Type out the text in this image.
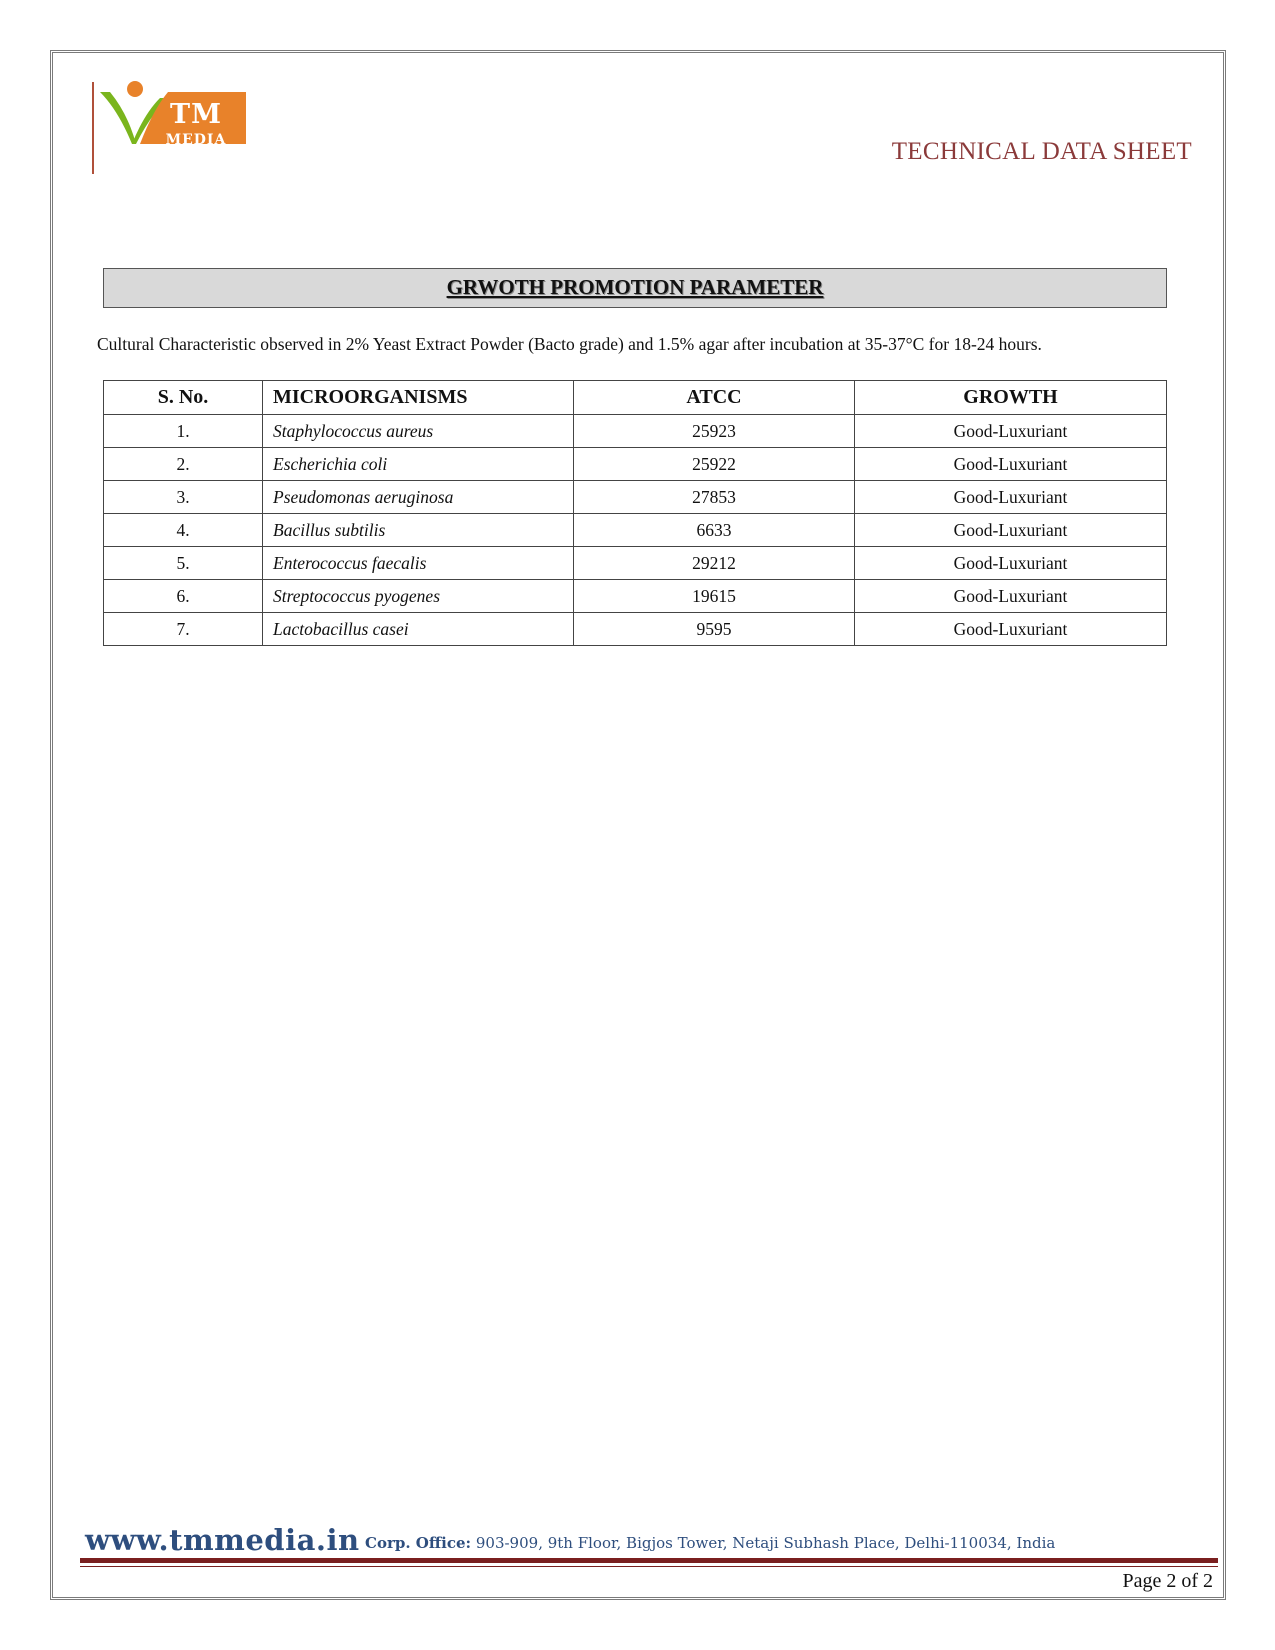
TM
MEDIA	TECHNICAL DATA SHEET
GRWOTH PROMOTION PARAMETER
Cultural Characteristic observed in 2% Yeast Extract Powder (Bacto grade) and 1.5% agar after incubation at 35-37°C for 18-24 hours.
S. No.	MICROORGANISMS	ATCC	GROWTH
1.	Staphylococcus aureus	25923	Good-Luxuriant
2.	Escherichia coli	25922	Good-Luxuriant
3.	Pseudomonas aeruginosa	27853	Good-Luxuriant
4.	Bacillus subtilis	6633	Good-Luxuriant
5.	Enterococcus faecalis	29212	Good-Luxuriant
6.	Streptococcus pyogenes	19615	Good-Luxuriant
7.	Lactobacillus casei	9595	Good-Luxuriant
www.tmmedia.in Corp. Office: 903-909, 9th Floor, Bigjos Tower, Netaji Subhash Place, Delhi-110034, India
Page 2 of 2
